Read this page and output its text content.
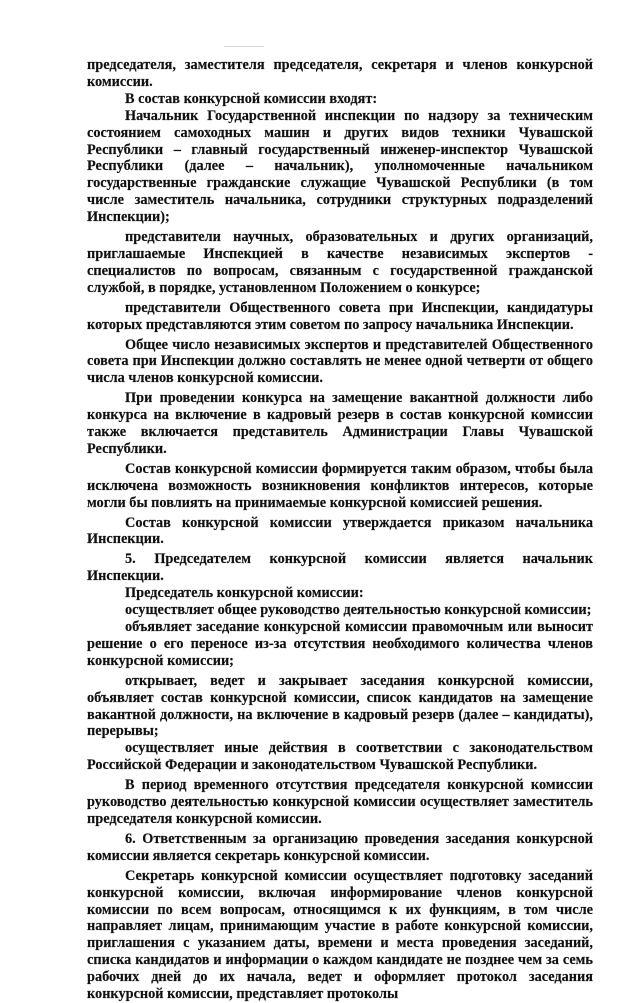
председателя, заместителя председателя, секретаря и членов конкурсной комиссии.

В состав конкурсной комиссии входят:

Начальник Государственной инспекции по надзору за техническим состоянием самоходных машин и других видов техники Чувашской Республики – главный государственный инженер-инспектор Чувашской Республики (далее – начальник), уполномоченные начальником государственные гражданские служащие Чувашской Республики (в том числе заместитель начальника, сотрудники структурных подразделений Инспекции);

представители научных, образовательных и других организаций, приглашаемые Инспекцией в качестве независимых экспертов - специалистов по вопросам, связанным с государственной гражданской службой, в порядке, установленном Положением о конкурсе;

представители Общественного совета при Инспекции, кандидатуры которых представляются этим советом по запросу начальника Инспекции.

Общее число независимых экспертов и представителей Общественного совета при Инспекции должно составлять не менее одной четверти от общего числа членов конкурсной комиссии.

При проведении конкурса на замещение вакантной должности либо конкурса на включение в кадровый резерв в состав конкурсной комиссии также включается представитель Администрации Главы Чувашской Республики.

Состав конкурсной комиссии формируется таким образом, чтобы была исключена возможность возникновения конфликтов интересов, которые могли бы повлиять на принимаемые конкурсной комиссией решения.

Состав конкурсной комиссии утверждается приказом начальника Инспекции.

5. Председателем конкурсной комиссии является начальник Инспекции.

Председатель конкурсной комиссии:

осуществляет общее руководство деятельностью конкурсной комиссии;

объявляет заседание конкурсной комиссии правомочным или выносит решение о его переносе из-за отсутствия необходимого количества членов конкурсной комиссии;

открывает, ведет и закрывает заседания конкурсной комиссии, объявляет состав конкурсной комиссии, список кандидатов на замещение вакантной должности, на включение в кадровый резерв (далее – кандидаты), перерывы;

осуществляет иные действия в соответствии с законодательством Российской Федерации и законодательством Чувашской Республики.

В период временного отсутствия председателя конкурсной комиссии руководство деятельностью конкурсной комиссии осуществляет заместитель председателя конкурсной комиссии.

6. Ответственным за организацию проведения заседания конкурсной комиссии является секретарь конкурсной комиссии.

Секретарь конкурсной комиссии осуществляет подготовку заседаний конкурсной комиссии, включая информирование членов конкурсной комиссии по всем вопросам, относящимся к их функциям, в том числе направляет лицам, принимающим участие в работе конкурсной комиссии, приглашения с указанием даты, времени и места проведения заседаний, списка кандидатов и информации о каждом кандидате не позднее чем за семь рабочих дней до их начала, ведет и оформляет протокол заседания конкурсной комиссии, представляет протоколы
